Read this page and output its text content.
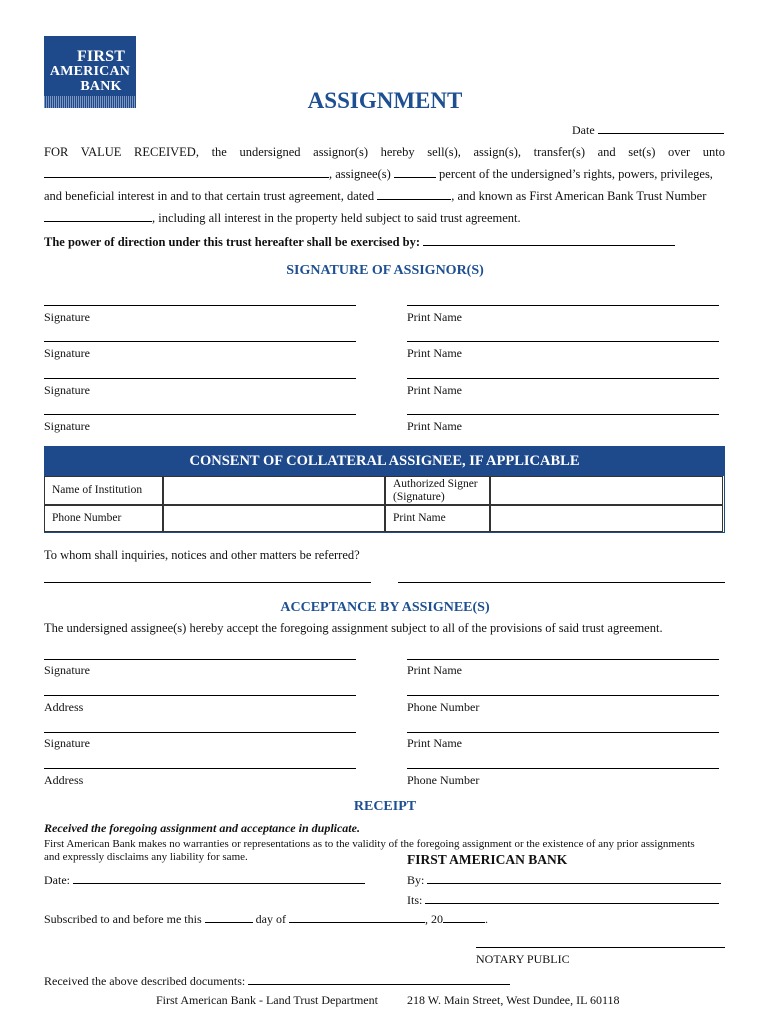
FIRST
AMERICAN
BANK
ASSIGNMENT
Date
FOR VALUE RECEIVED, the undersigned assignor(s) hereby sell(s), assign(s), transfer(s) and set(s) over unto
, assignee(s)	percent of the undersigned’s rights, powers, privileges,
and beneficial interest in and to that certain trust agreement, dated	, and known as First American Bank Trust Number
, including all interest in the property held subject to said trust agreement.
The power of direction under this trust hereafter shall be exercised by:
SIGNATURE OF ASSIGNOR(S)
Signature	Print Name
Signature	Print Name
Signature	Print Name
Signature	Print Name
CONSENT OF COLLATERAL ASSIGNEE, IF APPLICABLE
Name of Institution	Authorized Signer
(Signature)
Phone Number	Print Name
To whom shall inquiries, notices and other matters be referred?
ACCEPTANCE BY ASSIGNEE(S)
The undersigned assignee(s) hereby accept the foregoing assignment subject to all of the provisions of said trust agreement.
Signature	Print Name
Address	Phone Number
Signature	Print Name
Address	Phone Number
RECEIPT
Received the foregoing assignment and acceptance in duplicate.
First American Bank makes no warranties or representations as to the validity of the foregoing assignment or the existence of any prior assignments
and expressly disclaims any liability for same.	FIRST AMERICAN BANK
Date:	By:
Its:
Subscribed to and before me this	day of	, 20	.
NOTARY PUBLIC
Received the above described documents:
First American Bank - Land Trust Department 218 W. Main Street, West Dundee, IL 60118
